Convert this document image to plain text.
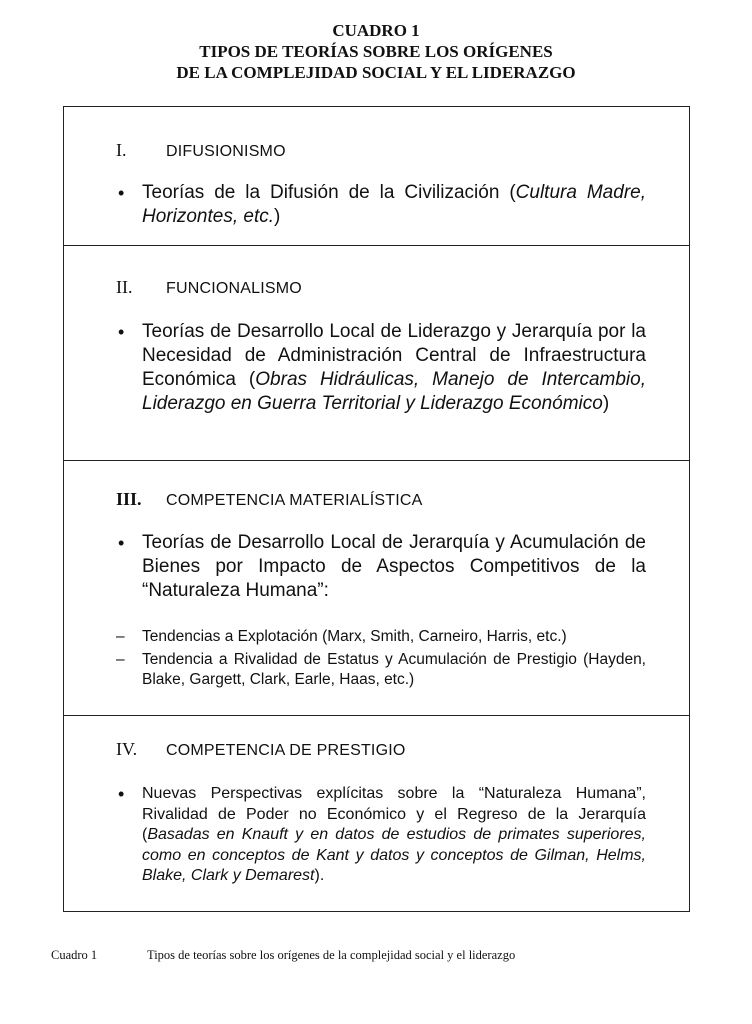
CUADRO 1
TIPOS DE TEORÍAS SOBRE LOS ORÍGENES
DE LA COMPLEJIDAD SOCIAL Y EL LIDERAZGO
I. DIFUSIONISMO
• Teorías de la Difusión de la Civilización (Cultura Madre, Horizontes, etc.)
II. FUNCIONALISMO
• Teorías de Desarrollo Local de Liderazgo y Jerarquía por la Necesidad de Administración Central de Infraestructura Económica (Obras Hidráulicas, Manejo de Intercambio, Liderazgo en Guerra Territorial y Liderazgo Económico)
III. COMPETENCIA MATERIALÍSTICA
• Teorías de Desarrollo Local de Jerarquía y Acumulación de Bienes por Impacto de Aspectos Competitivos de la “Naturaleza Humana”:
– Tendencias a Explotación (Marx, Smith, Carneiro, Harris, etc.)
– Tendencia a Rivalidad de Estatus y Acumulación de Prestigio (Hayden, Blake, Gargett, Clark, Earle, Haas, etc.)
IV. COMPETENCIA DE PRESTIGIO
• Nuevas Perspectivas explícitas sobre la “Naturaleza Humana”, Rivalidad de Poder no Económico y el Regreso de la Jerarquía (Basadas en Knauft y en datos de estudios de primates superiores, como en conceptos de Kant y datos y conceptos de Gilman, Helms, Blake, Clark y Demarest).
Cuadro 1	Tipos de teorías sobre los orígenes de la complejidad social y el liderazgo
